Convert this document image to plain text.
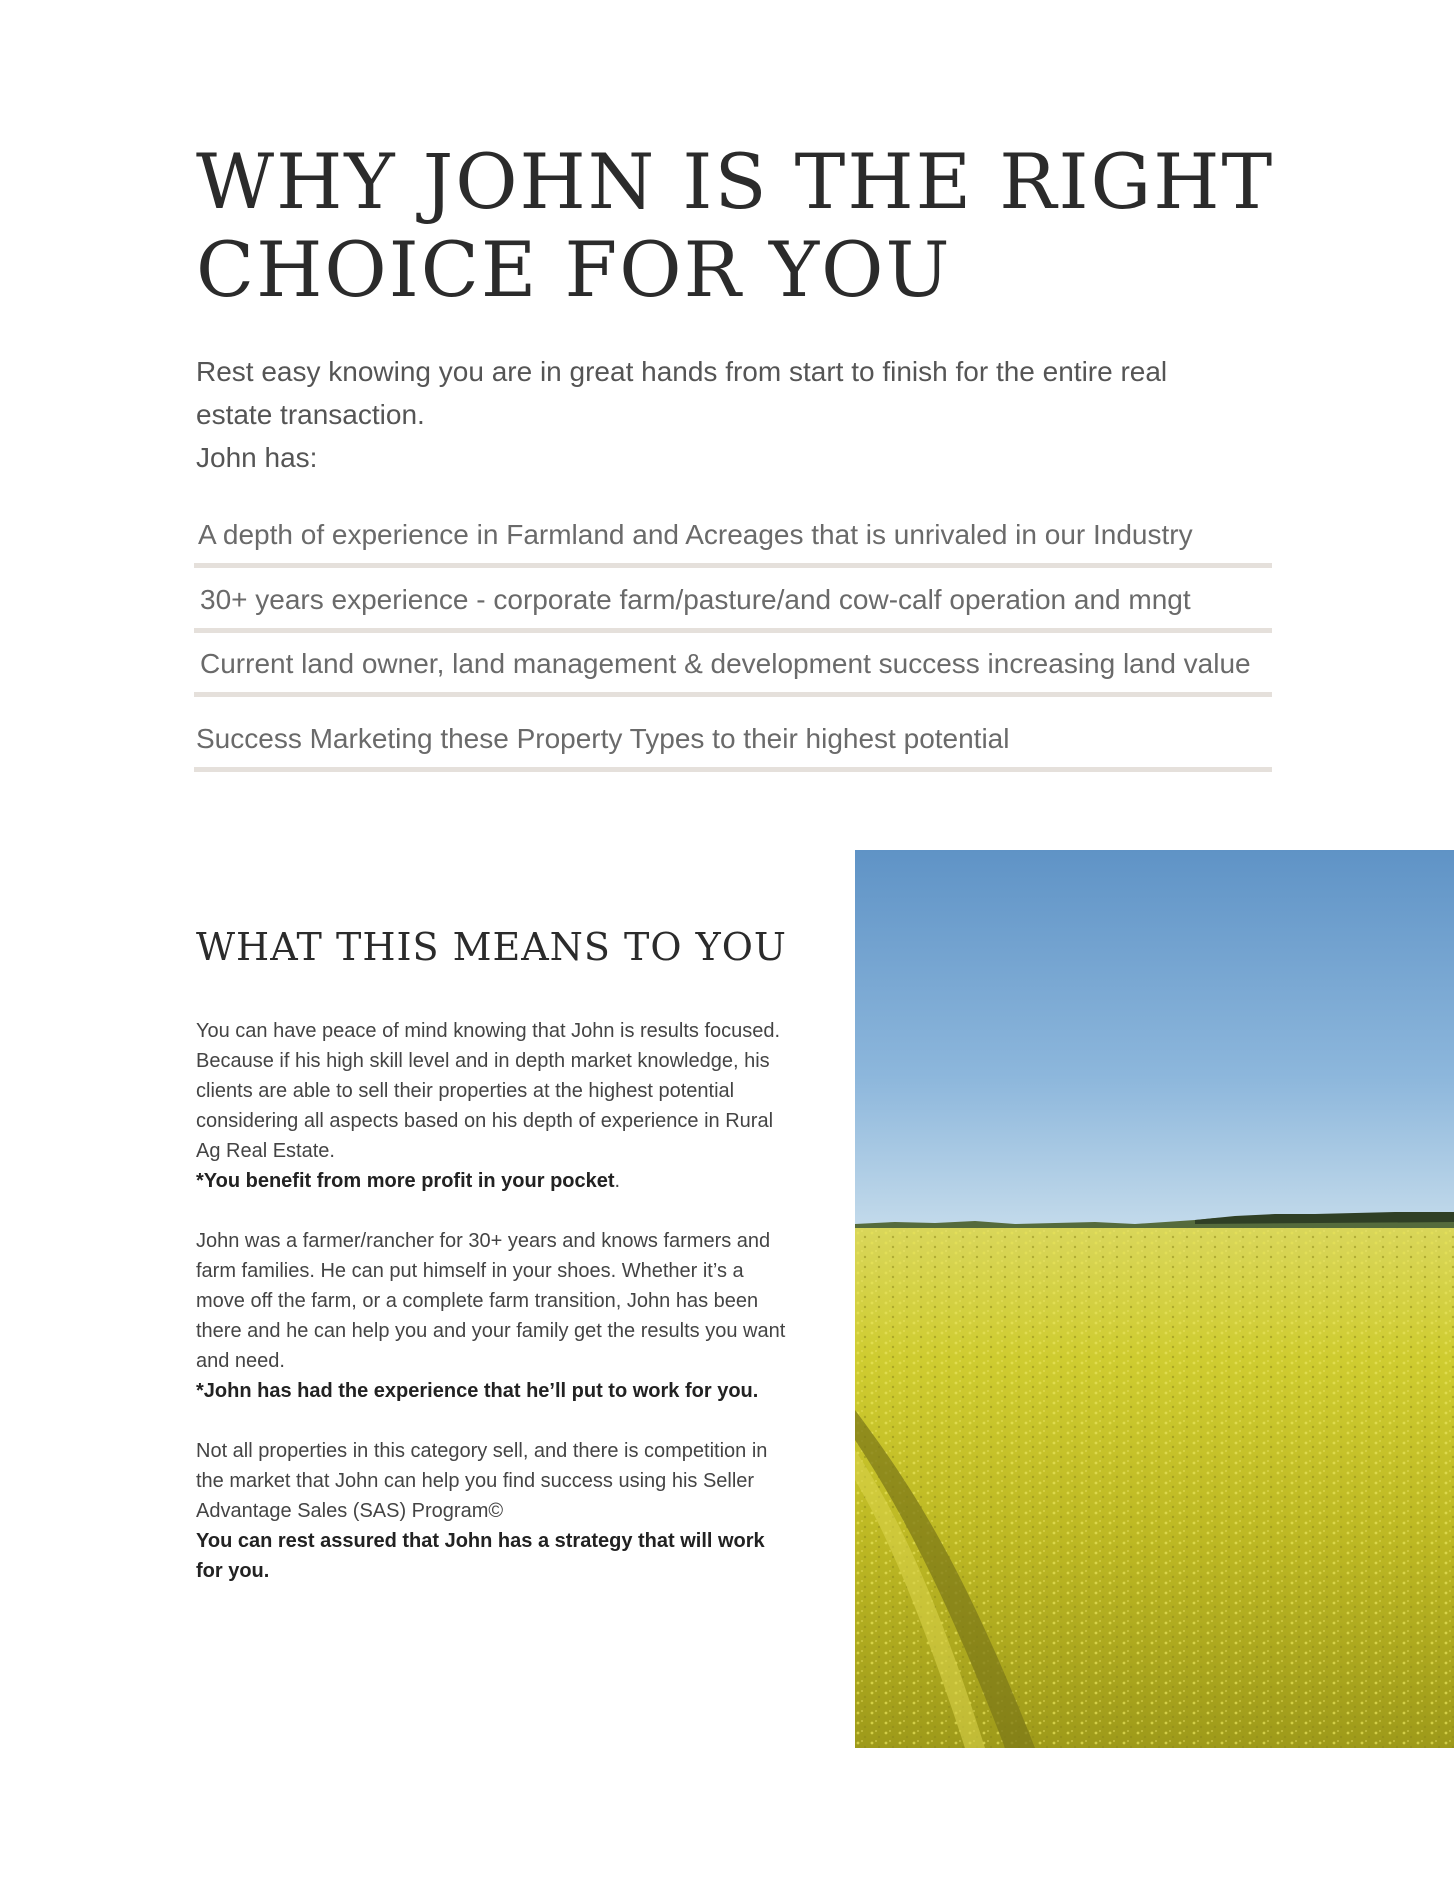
WHY JOHN IS THE RIGHT
CHOICE FOR YOU

Rest easy knowing you are in great hands from start to finish for the entire real

estate transaction.

John has:

A depth of experience in Farmland and Acreages that is unrivaled in our Industry
30+ years experience - corporate farm/pasture/and cow-calf operation and mngt
Current land owner, land management & development success increasing land value
Success Marketing these Property Types to their highest potential
WHAT THIS MEANS TO YOU

You can have peace of mind knowing that John is results focused. Because if his high skill level and in depth market knowledge, his clients are able to sell their properties at the highest potential considering all aspects based on his depth of experience in Rural Ag Real Estate.
*You benefit from more profit in your pocket.

John was a farmer/rancher for 30+ years and knows farmers and farm families. He can put himself in your shoes. Whether it’s a move off the farm, or a complete farm transition, John has been there and he can help you and your family get the results you want and need.
*John has had the experience that he’ll put to work for you.

Not all properties in this category sell, and there is competition in the market that John can help you find success using his Seller Advantage Sales (SAS) Program©
You can rest assured that John has a strategy that will work for you.
